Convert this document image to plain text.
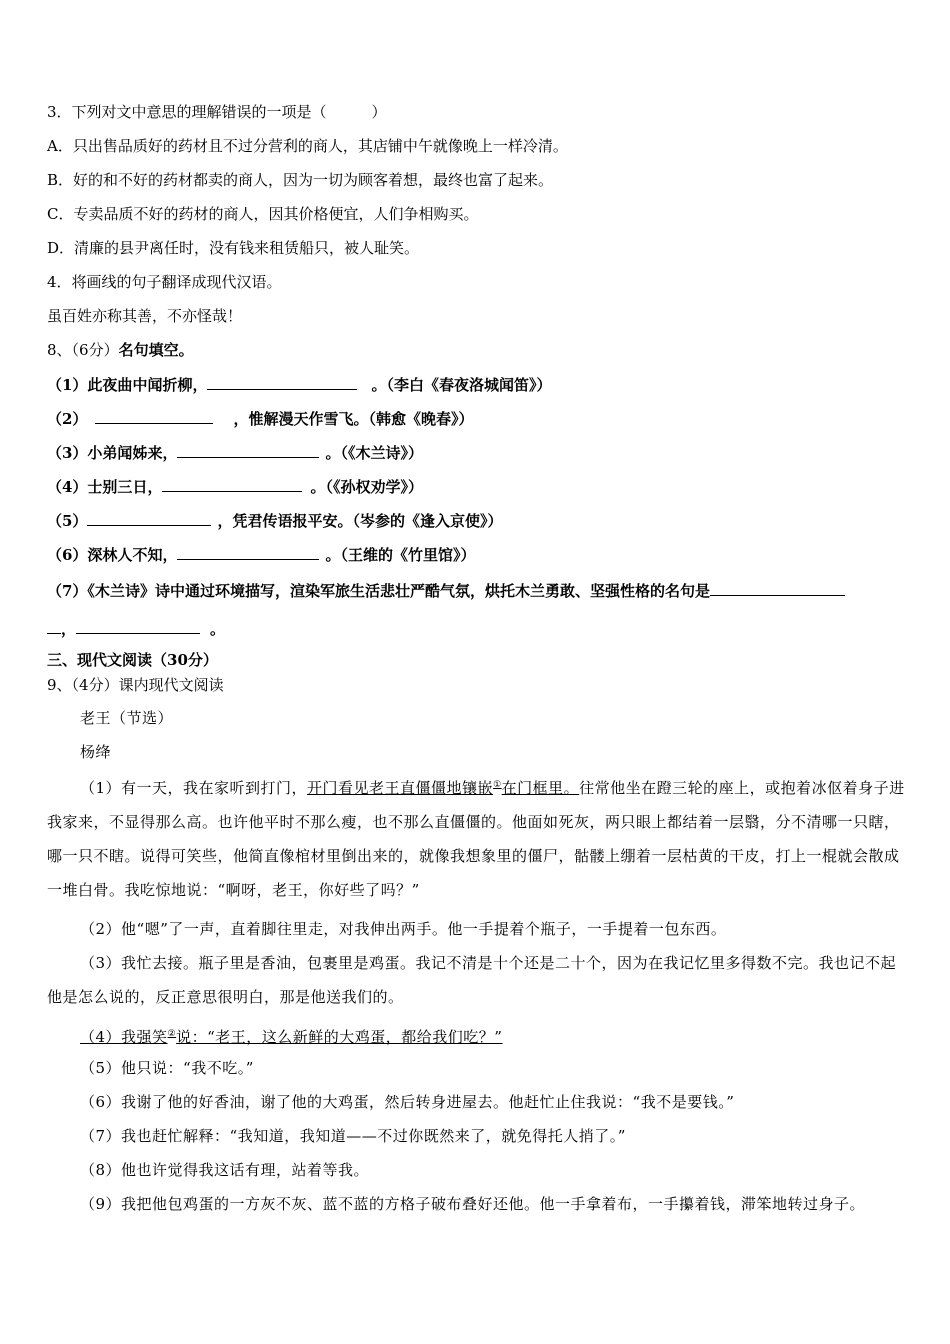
3．下列对文中意思的理解错误的一项是（　　　）
A．只出售品质好的药材且不过分营利的商人，其店铺中午就像晚上一样冷清。
B．好的和不好的药材都卖的商人，因为一切为顾客着想，最终也富了起来。
C．专卖品质不好的药材的商人，因其价格便宜，人们争相购买。
D．清廉的县尹离任时，没有钱来租赁船只，被人耻笑。
4．将画线的句子翻译成现代汉语。
虽百姓亦称其善，不亦怪哉！
8、（6分）名句填空。
（1）此夜曲中闻折柳，	。（李白《春夜洛城闻笛》）
（2）	，惟解漫天作雪飞。（韩愈《晚春》）
（3）小弟闻姊来，	。（《木兰诗》）
（4）士别三日，	。（《孙权劝学》）
（5）	，凭君传语报平安。（岑参的《逢入京使》）
（6）深林人不知，	。（王维的《竹里馆》）
（7）《木兰诗》诗中通过环境描写，渲染军旅生活悲壮严酷气氛，烘托木兰勇敢、坚强性格的名句是
，	。
三、现代文阅读（30分）
9、（4分）课内现代文阅读
老王（节选）
杨绛
（1）有一天，我在家听到打门，开门看见老王直僵僵地镶嵌①在门框里。往常他坐在蹬三轮的座上，或抱着冰伛着身子进我家来，不显得那么高。也许他平时不那么瘦，也不那么直僵僵的。他面如死灰，两只眼上都结着一层翳，分不清哪一只瞎，哪一只不瞎。说得可笑些，他简直像棺材里倒出来的，就像我想象里的僵尸，骷髅上绷着一层枯黄的干皮，打上一棍就会散成一堆白骨。我吃惊地说：“啊呀，老王，你好些了吗？”
（2）他“嗯”了一声，直着脚往里走，对我伸出两手。他一手提着个瓶子，一手提着一包东西。
（3）我忙去接。瓶子里是香油，包裹里是鸡蛋。我记不清是十个还是二十个，因为在我记忆里多得数不完。我也记不起他是怎么说的，反正意思很明白，那是他送我们的。
（4）我强笑②说：“老王，这么新鲜的大鸡蛋，都给我们吃？”
（5）他只说：“我不吃。”
（6）我谢了他的好香油，谢了他的大鸡蛋，然后转身进屋去。他赶忙止住我说：“我不是要钱。”
（7）我也赶忙解释：“我知道，我知道——不过你既然来了，就免得托人捎了。”
（8）他也许觉得我这话有理，站着等我。
（9）我把他包鸡蛋的一方灰不灰、蓝不蓝的方格子破布叠好还他。他一手拿着布，一手攥着钱，滞笨地转过身子。
